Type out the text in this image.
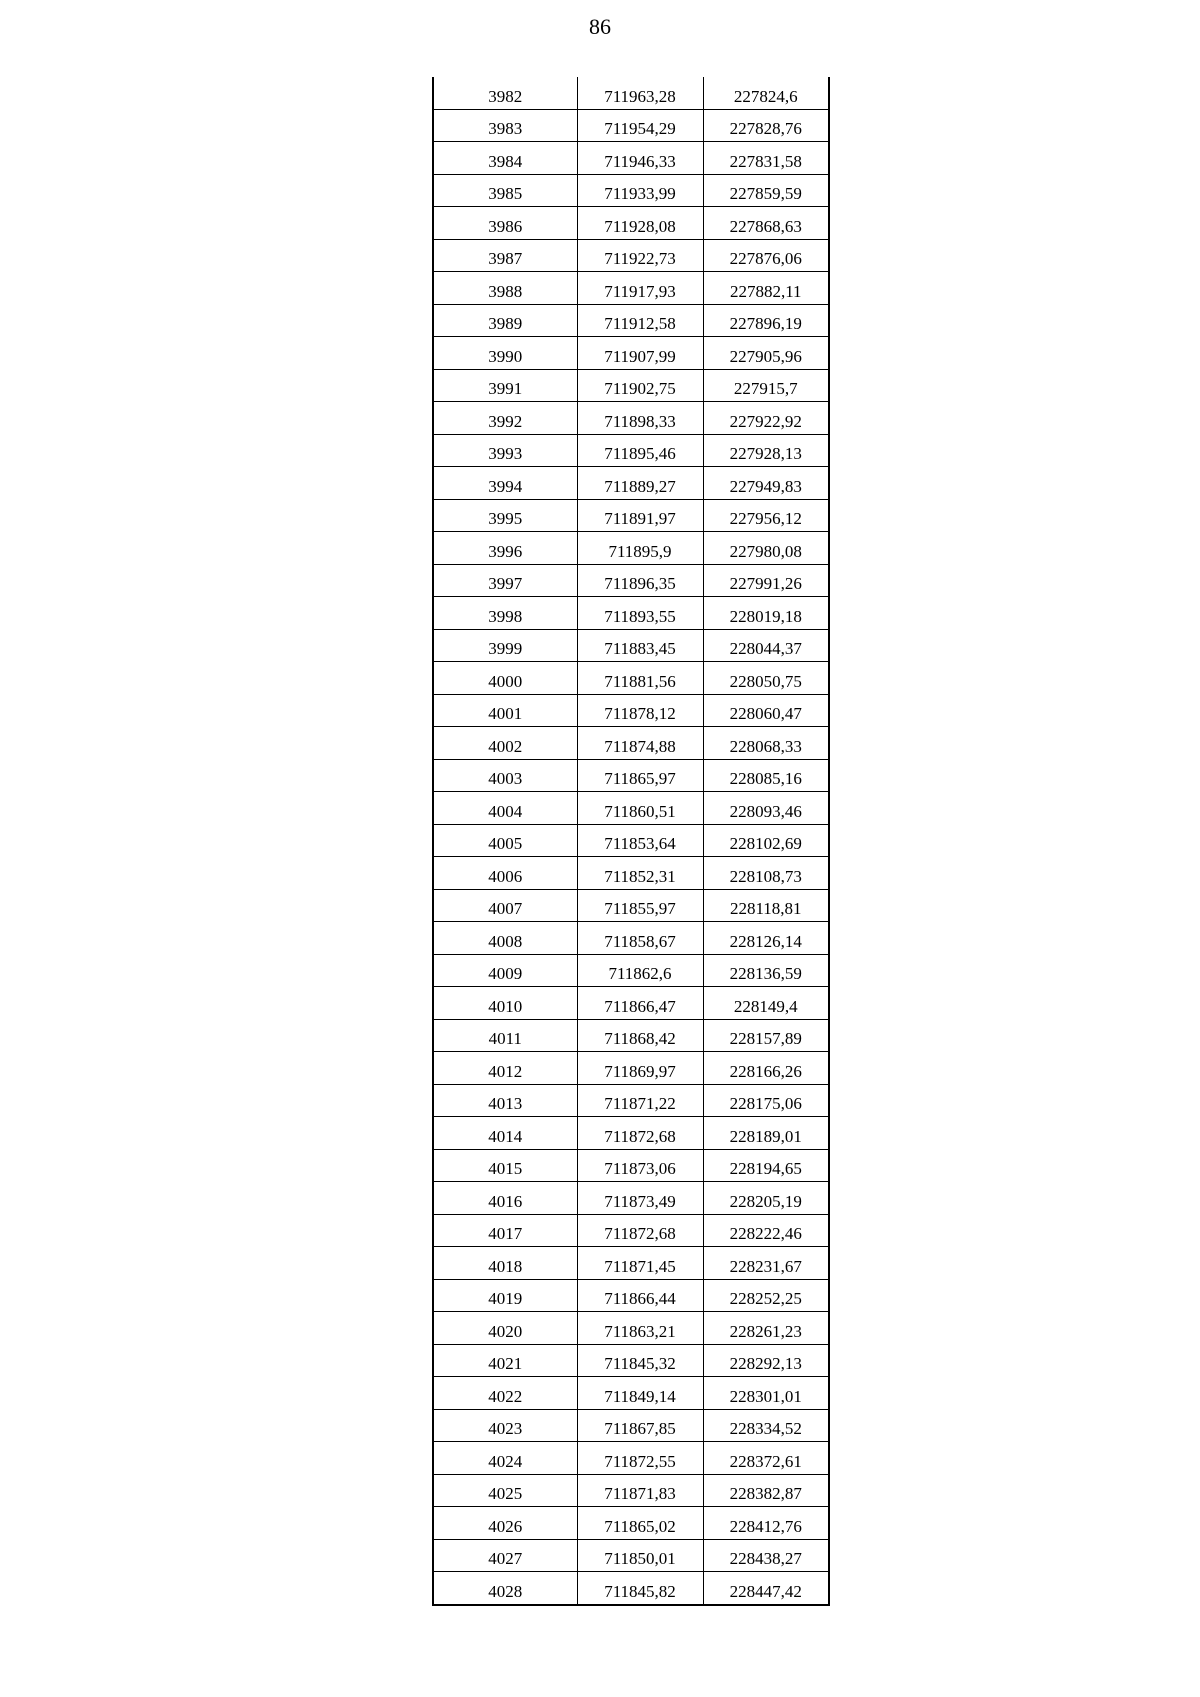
86
3982	711963,28	227824,6
3983	711954,29	227828,76
3984	711946,33	227831,58
3985	711933,99	227859,59
3986	711928,08	227868,63
3987	711922,73	227876,06
3988	711917,93	227882,11
3989	711912,58	227896,19
3990	711907,99	227905,96
3991	711902,75	227915,7
3992	711898,33	227922,92
3993	711895,46	227928,13
3994	711889,27	227949,83
3995	711891,97	227956,12
3996	711895,9	227980,08
3997	711896,35	227991,26
3998	711893,55	228019,18
3999	711883,45	228044,37
4000	711881,56	228050,75
4001	711878,12	228060,47
4002	711874,88	228068,33
4003	711865,97	228085,16
4004	711860,51	228093,46
4005	711853,64	228102,69
4006	711852,31	228108,73
4007	711855,97	228118,81
4008	711858,67	228126,14
4009	711862,6	228136,59
4010	711866,47	228149,4
4011	711868,42	228157,89
4012	711869,97	228166,26
4013	711871,22	228175,06
4014	711872,68	228189,01
4015	711873,06	228194,65
4016	711873,49	228205,19
4017	711872,68	228222,46
4018	711871,45	228231,67
4019	711866,44	228252,25
4020	711863,21	228261,23
4021	711845,32	228292,13
4022	711849,14	228301,01
4023	711867,85	228334,52
4024	711872,55	228372,61
4025	711871,83	228382,87
4026	711865,02	228412,76
4027	711850,01	228438,27
4028	711845,82	228447,42
